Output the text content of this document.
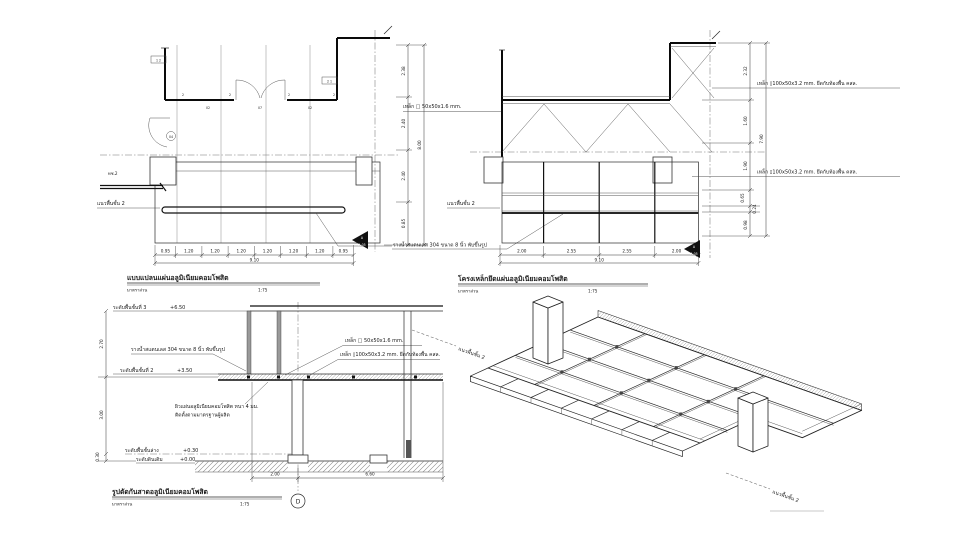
04
ทช.2
1 2
2 1
2	2	2	2
02	07	02
แนวพื้นชั้น 2
0.95	1.20	1.20	1.20	1.20	1.20	1.20	0.95
9.10
2.38
2.40
2.40
0.85
8.00
รางน้ำสแตนเลส 304 ขนาด 8 นิ้ว พับขึ้นรูป
A
A-05
เหล็ก □ 50x50x1.6 mm.
แบบแปลนแผ่นอลูมิเนียมคอมโพสิต
มาตราส่วน	1:75
แนวพื้นชั้น 2
เหล็ก ▯100x50x3.2 mm. ยึดกับท้องพื้น คสล.
เหล็ก ▯100x50x3.2 mm. ยึดกับท้องพื้น คสล.
2.32
1.60
1.90
0.65
0.24
0.98
7.90
2.00	2.55	2.55	2.00
9.10
A
A-05
โครงเหล็กยึดแผ่นอลูมิเนียมคอมโพสิต
มาตราส่วน	1:75
D
ระดับพื้นชั้นที่ 3	+6.50
ระดับพื้นชั้นที่ 2	+3.50
รางน้ำสแตนเลส 304 ขนาด 8 นิ้ว พับขึ้นรูป
ผิวแผ่นอลูมิเนียมคอมโพสิต หนา 4 มม.
ติดตั้งตามมาตรฐานผู้ผลิต
เหล็ก □ 50x50x1.6 mm.
เหล็ก ▯100x50x3.2 mm. ยึดกับท้องพื้น คสล.
ระดับพื้นชั้นล่าง	+0.30
ระดับดินเดิม	+0.00
2.70
3.00
0.30
2.00	6.60
รูปตัดกันสาดอลูมิเนียมคอมโพสิต
มาตราส่วน	1:75
แนวพื้นชั้น 2
แนวพื้นชั้น 2
